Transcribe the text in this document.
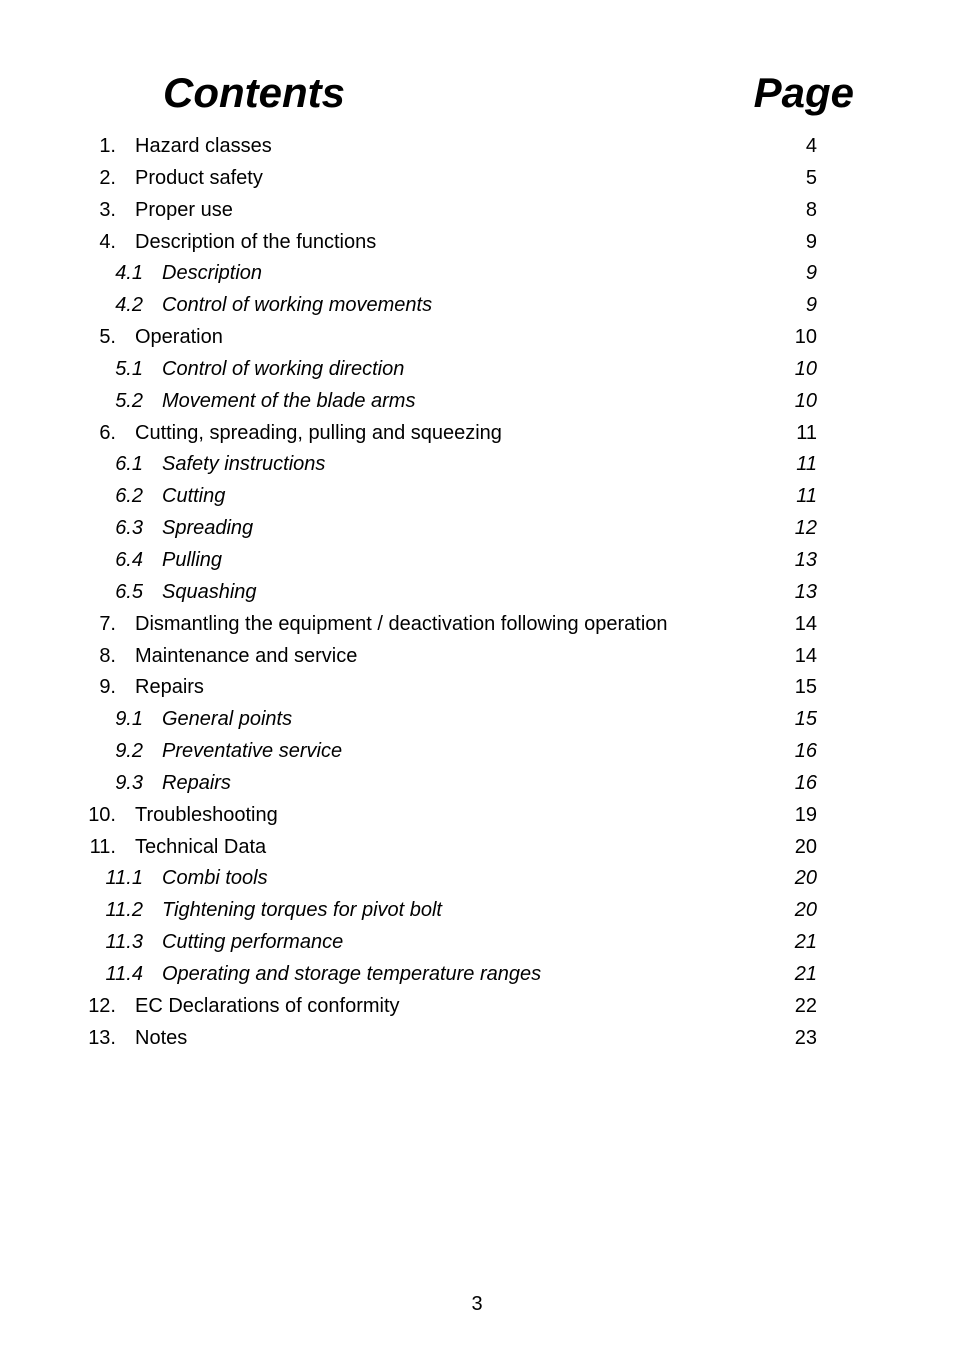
Contents	Page
1. Hazard classes	4
2. Product safety	5
3. Proper use	8
4. Description of the functions	9
4.1 Description	9
4.2 Control of working movements	9
5. Operation	10
5.1 Control of working direction	10
5.2 Movement of the blade arms	10
6. Cutting, spreading, pulling and squeezing	11
6.1 Safety instructions	11
6.2 Cutting	11
6.3 Spreading	12
6.4 Pulling	13
6.5 Squashing	13
7. Dismantling the equipment / deactivation following operation	14
8. Maintenance and service	14
9. Repairs	15
9.1 General points	15
9.2 Preventative service	16
9.3 Repairs	16
10. Troubleshooting	19
11. Technical Data	20
11.1 Combi tools	20
11.2 Tightening torques for pivot bolt	20
11.3 Cutting performance	21
11.4 Operating and storage temperature ranges	21
12. EC Declarations of conformity	22
13. Notes	23
3
